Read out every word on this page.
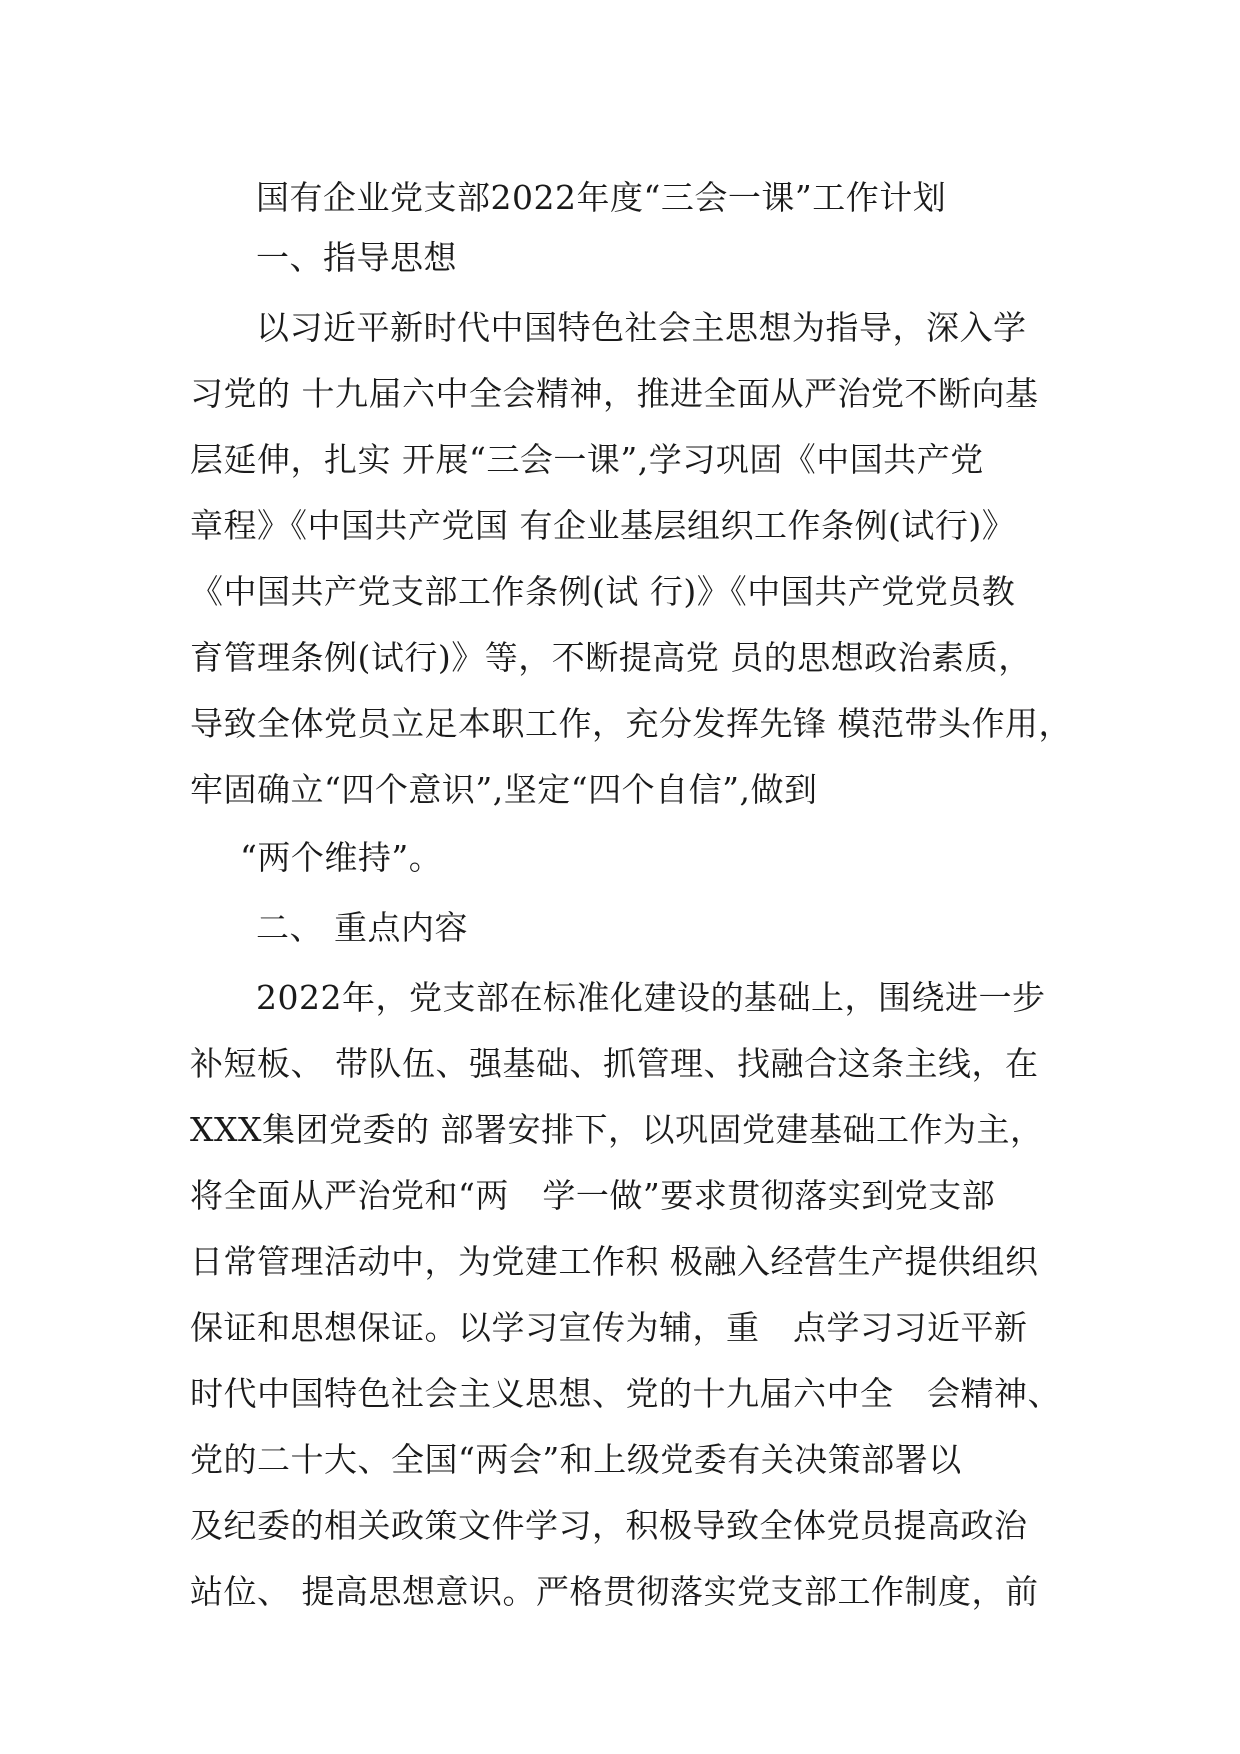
国有企业党支部2022年度“三会一课”工作计划

一、指导思想

以习近平新时代中国特色社会主思想为指导，深入学

习党的 十九届六中全会精神，推进全面从严治党不断向基

层延伸，扎实 开展“三会一课”,学习巩固《中国共产党

章程》《中国共产党国 有企业基层组织工作条例(试行)》

《中国共产党支部工作条例(试 行)》《中国共产党党员教

育管理条例(试行)》等，不断提高党 员的思想政治素质，

导致全体党员立足本职工作，充分发挥先锋 模范带头作用，

牢固确立“四个意识”,坚定“四个自信”,做到

“两个维持”。

二、 重点内容

2022年，党支部在标准化建设的基础上，围绕进一步

补短板、 带队伍、强基础、抓管理、找融合这条主线，在

XXX集团党委的 部署安排下，以巩固党建基础工作为主，

将全面从严治党和“两　学一做”要求贯彻落实到党支部

日常管理活动中，为党建工作积 极融入经营生产提供组织

保证和思想保证。以学习宣传为辅，重　点学习习近平新

时代中国特色社会主义思想、党的十九届六中全　会精神、

党的二十大、全国“两会”和上级党委有关决策部署以

及纪委的相关政策文件学习，积极导致全体党员提高政治

站位、 提高思想意识。严格贯彻落实党支部工作制度，前
